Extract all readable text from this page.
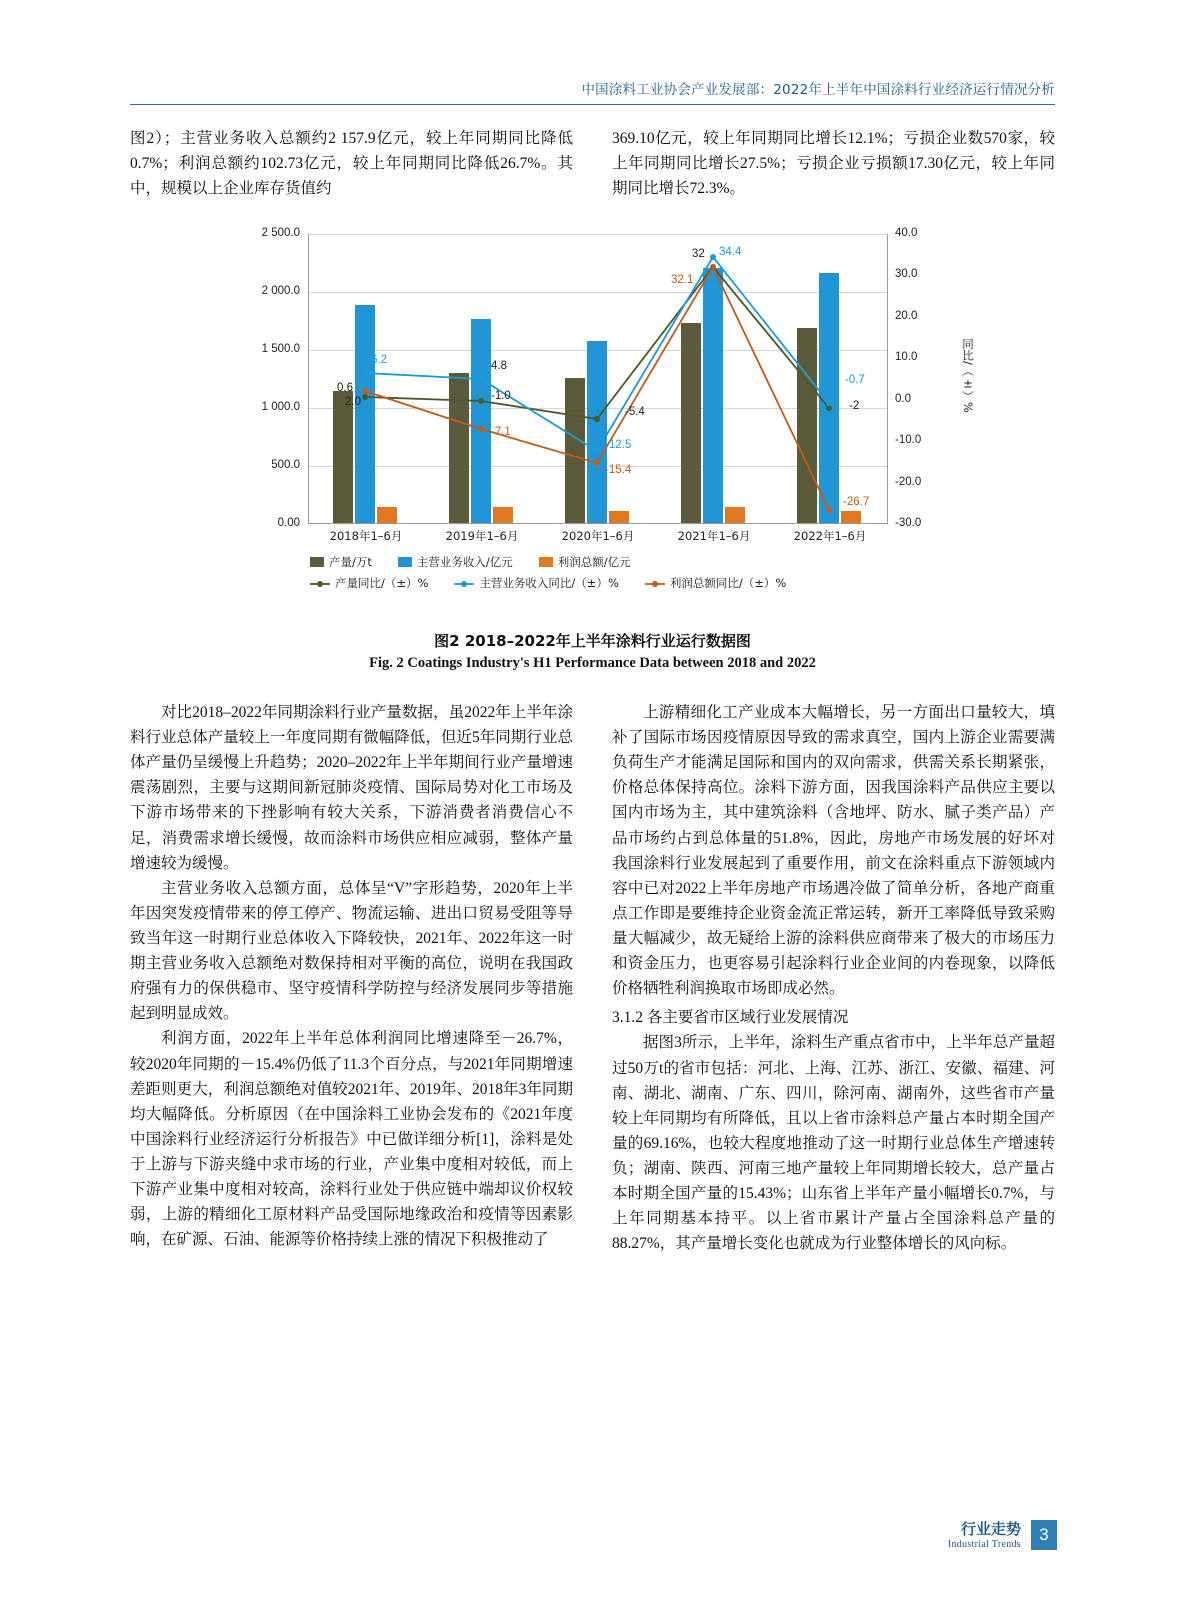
中国涂料工业协会产业发展部：2022年上半年中国涂料行业经济运行情况分析
图2）；主营业务收入总额约2 157.9亿元，较上年同期同比降低0.7%；利润总额约102.73亿元，较上年同期同比降低26.7%。其中，规模以上企业库存货值约
369.10亿元，较上年同期同比增长12.1%；亏损企业数570家，较上年同期同比增长27.5%；亏损企业亏损额17.30亿元，较上年同期同比增长72.3%。
0.00
500.0
1 000.0
1 500.0
2 000.0
2 500.0
-30.0
-20.0
-10.0
0.0
10.0
20.0
30.0
40.0
同比/（±）%
0.6
6.2
2.0
4.8
-1.0
-7.1
-5.4
-12.5
-15.4
32 34.4
32.1
-0.7
-2
-26.7
2018年1–6月	2019年1–6月	2020年1–6月	2021年1–6月	2022年1–6月
产量/万t	主营业务收入/亿元	利润总额/亿元
产量同比/（±）%	主营业务收入同比/（±）%	利润总额同比/（±）%
图2 2018–2022年上半年涂料行业运行数据图
Fig. 2 Coatings Industry's H1 Performance Data between 2018 and 2022

对比2018–2022年同期涂料行业产量数据，虽2022年上半年涂料行业总体产量较上一年度同期有微幅降低，但近5年同期行业总体产量仍呈缓慢上升趋势；2020–2022年上半年期间行业产量增速震荡剧烈，主要与这期间新冠肺炎疫情、国际局势对化工市场及下游市场带来的下挫影响有较大关系，下游消费者消费信心不足，消费需求增长缓慢，故而涂料市场供应相应减弱，整体产量增速较为缓慢。

主营业务收入总额方面，总体呈“V”字形趋势，2020年上半年因突发疫情带来的停工停产、物流运输、进出口贸易受阻等导致当年这一时期行业总体收入下降较快，2021年、2022年这一时期主营业务收入总额绝对数保持相对平衡的高位，说明在我国政府强有力的保供稳市、坚守疫情科学防控与经济发展同步等措施起到明显成效。

利润方面，2022年上半年总体利润同比增速降至－26.7%，较2020年同期的－15.4%仍低了11.3个百分点，与2021年同期增速差距则更大，利润总额绝对值较2021年、2019年、2018年3年同期均大幅降低。分析原因（在中国涂料工业协会发布的《2021年度中国涂料行业经济运行分析报告》中已做详细分析[1]，涂料是处于上游与下游夹缝中求市场的行业，产业集中度相对较低，而上下游产业集中度相对较高，涂料行业处于供应链中端却议价权较弱，上游的精细化工原材料产品受国际地缘政治和疫情等因素影响，在矿源、石油、能源等价格持续上涨的情况下积极推动了

上游精细化工产业成本大幅增长，另一方面出口量较大，填补了国际市场因疫情原因导致的需求真空，国内上游企业需要满负荷生产才能满足国际和国内的双向需求，供需关系长期紧张，价格总体保持高位。涂料下游方面，因我国涂料产品供应主要以国内市场为主，其中建筑涂料（含地坪、防水、腻子类产品）产品市场约占到总体量的51.8%，因此，房地产市场发展的好坏对我国涂料行业发展起到了重要作用，前文在涂料重点下游领域内容中已对2022上半年房地产市场遇冷做了简单分析，各地产商重点工作即是要维持企业资金流正常运转，新开工率降低导致采购量大幅减少，故无疑给上游的涂料供应商带来了极大的市场压力和资金压力，也更容易引起涂料行业企业间的内卷现象，以降低价格牺牲利润换取市场即成必然。

3.1.2 各主要省市区域行业发展情况

据图3所示，上半年，涂料生产重点省市中，上半年总产量超过50万t的省市包括：河北、上海、江苏、浙江、安徽、福建、河南、湖北、湖南、广东、四川，除河南、湖南外，这些省市产量较上年同期均有所降低，且以上省市涂料总产量占本时期全国产量的69.16%，也较大程度地推动了这一时期行业总体生产增速转负；湖南、陕西、河南三地产量较上年同期增长较大，总产量占本时期全国产量的15.43%；山东省上半年产量小幅增长0.7%，与上年同期基本持平。以上省市累计产量占全国涂料总产量的88.27%，其产量增长变化也就成为行业整体增长的风向标。

行业走势
Industrial Trends
3
